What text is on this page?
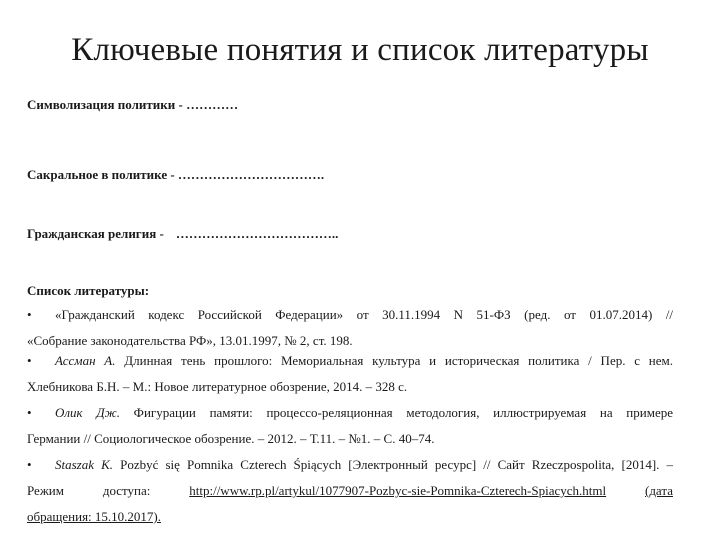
Ключевые понятия и список литературы
Символизация политики - …………
Сакральное в политике - …………………………….
Гражданская религия - ………………………………..
Список литературы:
•	«Гражданский кодекс Российской Федерации» от 30.11.1994 N 51-ФЗ (ред. от 01.07.2014) //
«Собрание законодательства РФ», 13.01.1997, № 2, ст. 198.
•	Ассман А. Длинная тень прошлого: Мемориальная культура и историческая политика / Пер. с нем.
Хлебникова Б.Н. – М.: Новое литературное обозрение, 2014. – 328 с.
•	Олик Дж. Фигурации памяти: процессо-реляционная методология, иллюстрируемая на примере
Германии // Социологическое обозрение. – 2012. – Т.11. – №1. – С. 40–74.
•	Staszak K. Pozbyć się Pomnika Czterech Śpiących [Электронный ресурс] // Сайт Rzeczpospolita, [2014]. –
Режим	доступа:	http://www.rp.pl/artykul/1077907-Pozbyc-sie-Pomnika-Czterech-Spiacych.html	(дата
обращения: 15.10.2017).
